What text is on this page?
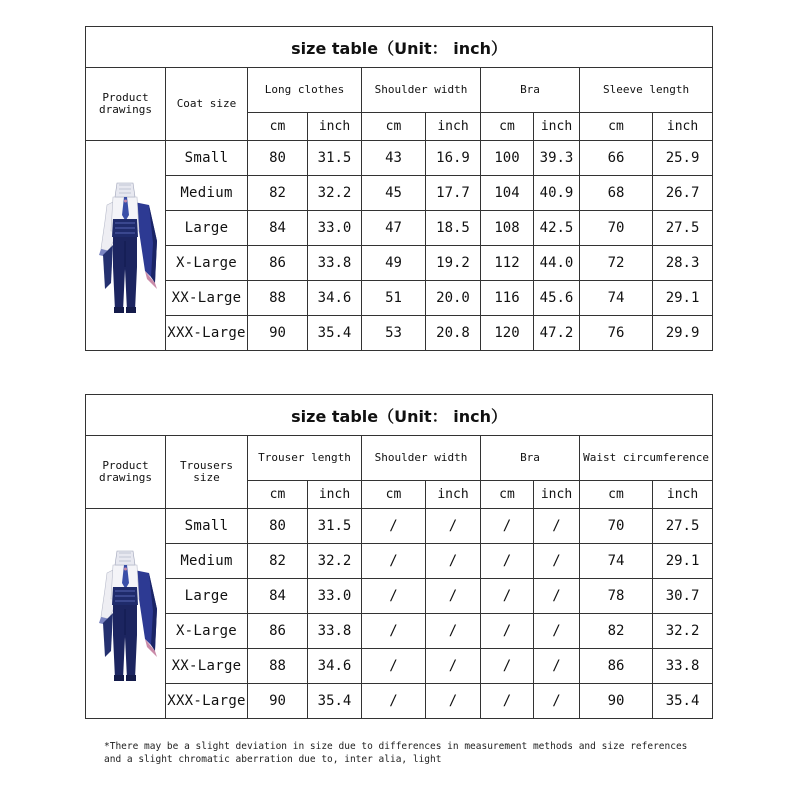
size table（Unit： inch）									
Product drawings	Coat size	Long clothes		Shoulder width		Bra		Sleeve length	
		cm	inch	cm	inch	cm	inch	cm	inch

	Small	80	31.5	43	16.9	100	39.3	66	25.9
	Medium	82	32.2	45	17.7	104	40.9	68	26.7
	Large	84	33.0	47	18.5	108	42.5	70	27.5
	X-Large	86	33.8	49	19.2	112	44.0	72	28.3
	XX-Large	88	34.6	51	20.0	116	45.6	74	29.1
	XXX-Large	90	35.4	53	20.8	120	47.2	76	29.9
size table（Unit： inch）									
Product drawings	Trousers size	Trouser length		Shoulder width		Bra		Waist circumference	
		cm	inch	cm	inch	cm	inch	cm	inch

	Small	80	31.5	/	/	/	/	70	27.5
	Medium	82	32.2	/	/	/	/	74	29.1
	Large	84	33.0	/	/	/	/	78	30.7
	X-Large	86	33.8	/	/	/	/	82	32.2
	XX-Large	88	34.6	/	/	/	/	86	33.8
	XXX-Large	90	35.4	/	/	/	/	90	35.4
*There may be a slight deviation in size due to differences in measurement methods and size references and a slight chromatic aberration due to, inter alia, light
